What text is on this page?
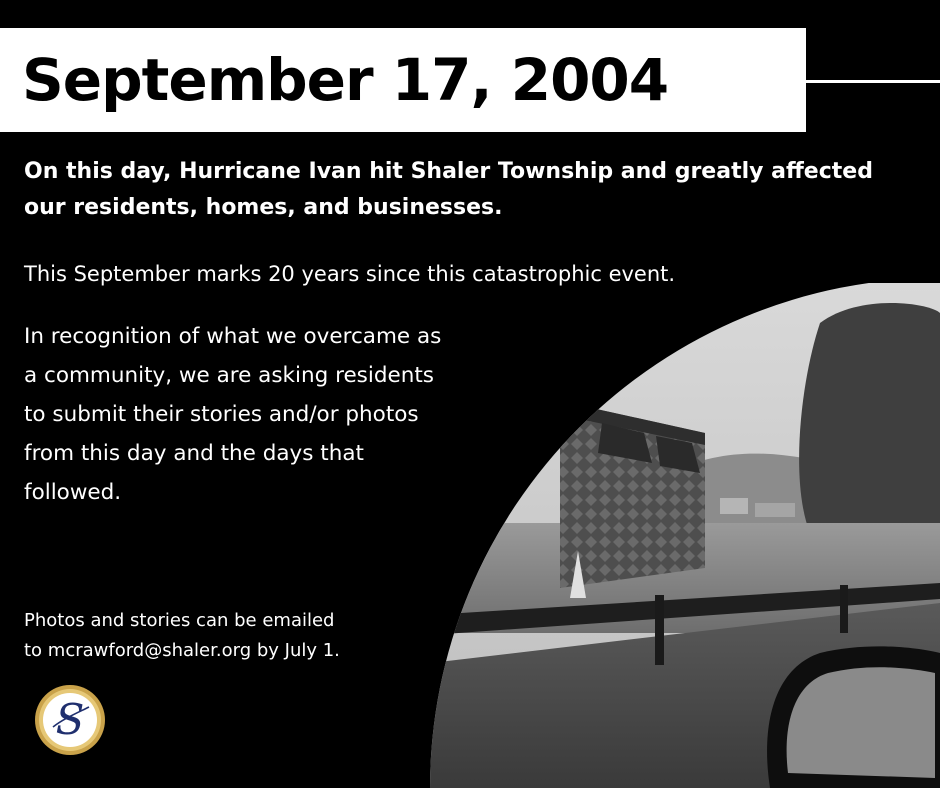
September 17, 2004

On this day, Hurricane Ivan hit Shaler Township and greatly affected our residents, homes, and businesses.

This September marks 20 years since this catastrophic event.

In recognition of what we overcame as
a community, we are asking residents
to submit their stories and/or photos
from this day and the days that
followed.

Photos and stories can be emailed
to mcrawford@shaler.org by July 1.

S
